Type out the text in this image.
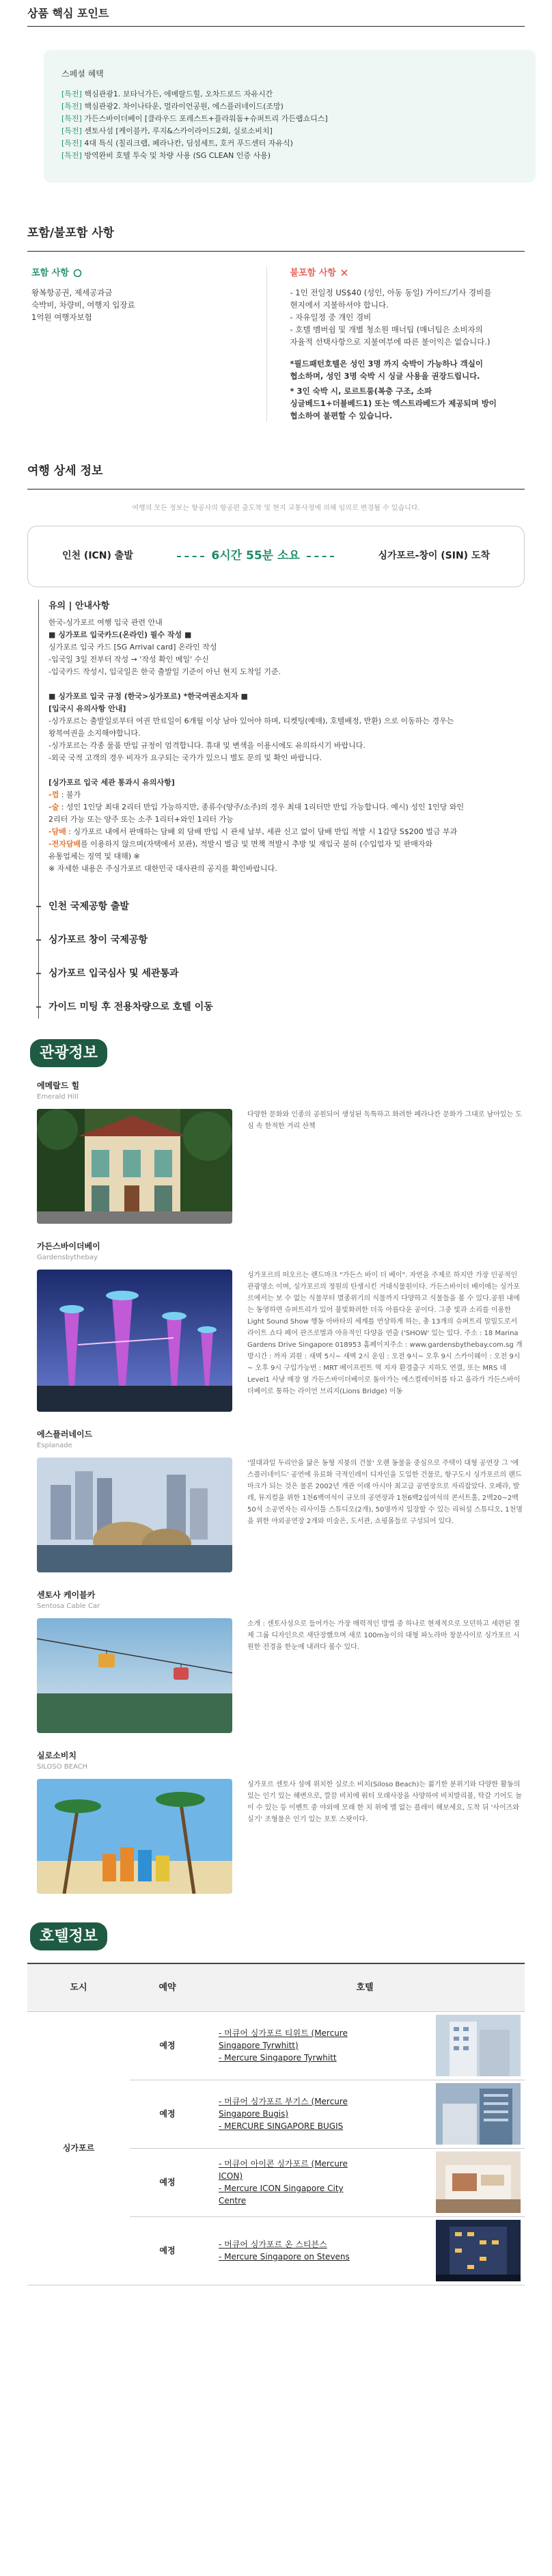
상품 핵심 포인트
스페셜 혜택
[특전] 핵심관광1. 보타닉가든, 에메랄드힐, 오차드로드 자유시간
[특전] 핵심관광2. 차이나타운, 멀라이언공원, 에스플러네이드(조망)
[특전] 가든스바이더베이 [클라우드 포레스트+플라워돔+슈퍼트리 가든랩쇼디스]
[특전] 센토사섬 [케이블카, 루지&스카이라이드2회, 실로소비치]
[특전] 4대 특식 (칠리크랩, 페라나칸, 딤섬세트, 호커 푸드센터 자유식)
[특전] 방역완비 호텔 투숙 및 차량 사용 (SG CLEAN 인증 사용)
포함/불포함 사항
포함 사항

왕복항공권, 제세공과금

숙박비, 차량비, 여행지 입장료

1억원 여행자보험

불포함 사항

- 1인 전일정 US$40 (성인, 아동 동일) 가이드/기사 경비를

현지에서 지불하셔야 합니다.

- 자유일정 중 개인 경비

- 호텔 멤버쉽 및 개별 청소원 매너팁 (매너팁은 소비자의

자율적 선택사항으로 지불여부에 따른 불이익은 없습니다.)

*필드패턴호텔은 성인 3명 까지 숙박이 가능하나 객실이

협소하며, 성인 3명 숙박 시 싱글 사용을 권장드립니다.

* 3인 숙박 시, 로르트룸(복층 구조, 소파

싱글베드1+더블베드1) 또는 엑스트라베드가 제공되며 방이

협소하여 불편할 수 있습니다.

여행 상세 정보
여행의 모든 정보는 항공사의 항공편 출도착 및 현지 교통사정에 의해 임의로 변경될 수 있습니다.
인천 (ICN) 출발	6시간 55분 소요	싱가포르-창이 (SIN) 도착
유의 | 안내사항
한국-싱가포르 여행 입국 관련 안내
■ 싱가포르 입국카드(온라인) 필수 작성 ■
싱가포르 입국 카드 [SG Arrival card] 온라인 작성
-입국일 3일 전부터 작성 → '작성 확인 메일' 수신
-입국카드 작성시, 입국일은 한국 출발일 기준이 아닌 현지 도착일 기준.
■ 싱가포르 입국 규정 (한국>싱가포르) *한국여권소지자 ■
[입국시 유의사항 안내]
-싱가포르는 출발일로부터 여권 만료일이 6개월 이상 남아 있어야 하며, 티켓팅(예매), 호텔배정, 반환) 으로 이동하는 경우는
왕복여권을 소지해야합니다.
-싱가포르는 각종 물품 반입 규정이 엄격합니다. 휴대 및 변색을 이용시에도 유의하시기 바랍니다.
-외국 국적 고객의 경우 비자가 요구되는 국가가 있으니 별도 문의 및 확인 바랍니다.
[싱가포르 입국 세관 통과시 유의사항]
-껌 : 불가
-술 : 성인 1인당 최대 2리터 반입 가능하지만, 종류수(양주/소주)의 경우 최대 1리터만 반입 가능합니다. 예시) 성인 1인당 와인
2리터 가능 또는 양주 또는 소주 1리터+와인 1리터 가능
-담배 : 싱가포르 내에서 판매하는 담배 외 담배 반입 시 관세 납부, 세관 신고 없이 담배 반입 적발 시 1갑당 S$200 벌금 부과
-전자담배를 이용하지 않으며(자택에서 보관), 적발시 벌금 및 면책 적발시 추방 및 재입국 불허 (수입업자 및 판매자와
유통업체는 징역 및 대해) ※
※ 자세한 내용은 주싱가포르 대한민국 대사관의 공지를 확인바랍니다.
인천 국제공항 출발
싱가포르 창이 국제공항
싱가포르 입국심사 및 세관통과
가이드 미팅 후 전용차량으로 호텔 이동
관광정보
에메랄드 힐
Emerald Hill
다양한 문화와 인종의 공원되어 생성된 독특하고 화려한 페라나칸 문화가 그대로 남아있는 도심 속 한적한 거리 산책
가든스바이더베이
Gardensbythebay
싱가포르의 떠오르는 랜드마크 "가든스 바이 더 베이". 자연을 주제로 하지만 가장 인공적인 관광명소 이며, 싱가포르의 정원의 탄생시킨 거대식물원이다. 가든스바이더 베이에는 싱가포르에서는 보 수 없는 식물부터 멸종위기의 식물까지 다양하고 식물들을 볼 수 있다.공원 내에는 동영하면 슈퍼트리가 있어 불빛화려한 더욱 아름다운 공이다. 그중 빛과 소리를 이용한 Light Sound Show 행동 아바타의 세계를 연상하게 하는, 총 13개의 슈퍼트리 말밀도로서 라이트 쇼다 페어 관즈로벌과 야유적인 다양을 연출 ('SHOW' 있는 있다. 주소 : 18 Marina Gardens Drive Singapore 018953 홈페이지주소 : www.gardensbythebay.com.sg 개방시간 : 까자 괴원 : 새벽 5시~ 새벽 2시 운임 : 오전 9시~ 오후 9시 스카이웨이 : 오전 9시~ 오후 9시 구입가능번 : MRT 베이프런트 역 지자 환경출구 지하도 연결, 또는 MRS 네 Level1 사냥 매장 옆 가든스바이더베이로 돌아가는 에스컬레이터를 타고 올라가 가든스바이더베이로 통하는 라이언 브리지(Lions Bridge) 이동
에스플러네이드
Esplanade
'열대과일 두리안을 닮은 동형 지붕의 건물' 오랜 동물을 중심으로 주택이 대형 공연장 그 '에스플러네이드' 공연에 유료화 극적인레이 디자인을 도입한 건물로, 항구도시 싱가포르의 랜드마크가 되는 것은 물론 2002년 개관 이래 아시아 최고급 공연장으로 자리잡았다. 오페라, 발레, 뮤지컬을 위한 1천6백여석이 규모의 공연장과 1천6백2십여석의 콘서트홀, 2백20~2백50석 소공연자는 리사이틀 스튜디오(2개), 50명까지 입장할 수 있는 리허설 스튜디오, 1천명을 위한 야외공연장 2개와 미술은, 도서관, 쇼핑몰들로 구성되어 있다.
센토사 케이블카
Sentosa Cable Car
소개 : 센토사섬으로 들어가는 가장 매력적인 방법 중 하나로 현재적으로 모던하고 세련된 절제 그룹 디자인으로 새단장했으며 새로 100m높이의 대형 파노라마 창문사이로 싱가포르 시원한 전경을 한눈에 내려다 볼수 있다.
실로소비치
SILOSO BEACH
싱가포르 센토사 섬에 위치한 실로소 비치(Siloso Beach)는 젊기한 분위기와 다양한 활동의 있는 인기 있는 해변으로, 깔끔 비치에 워터 모래사장을 사양하여 비치발리볼, 탁갈 기어도 놀이 수 있는 등 이벤트 중 야외에 모래 한 치 위에 멜 없는 플레이 해보세요, 도착 뒤 '사이즈와 실기' 조형물은 인기 있는 포토 스팟이다.
호텔정보
도시	예약	호텔
싱가포르	예정	- 머큐어 싱가포르 티위트 (Mercure Singapore Tyrwhitt)
- Mercure Singapore Tyrwhitt

	예정	- 머큐어 싱가포르 부기스 (Mercure Singapore Bugis)
- MERCURE SINGAPORE BUGIS

	예정	- 머큐어 아이콘 싱가포르 (Mercure ICON)
- Mercure ICON Singapore City Centre

	예정	- 머큐어 싱가포르 온 스티븐스
- Mercure Singapore on Stevens
